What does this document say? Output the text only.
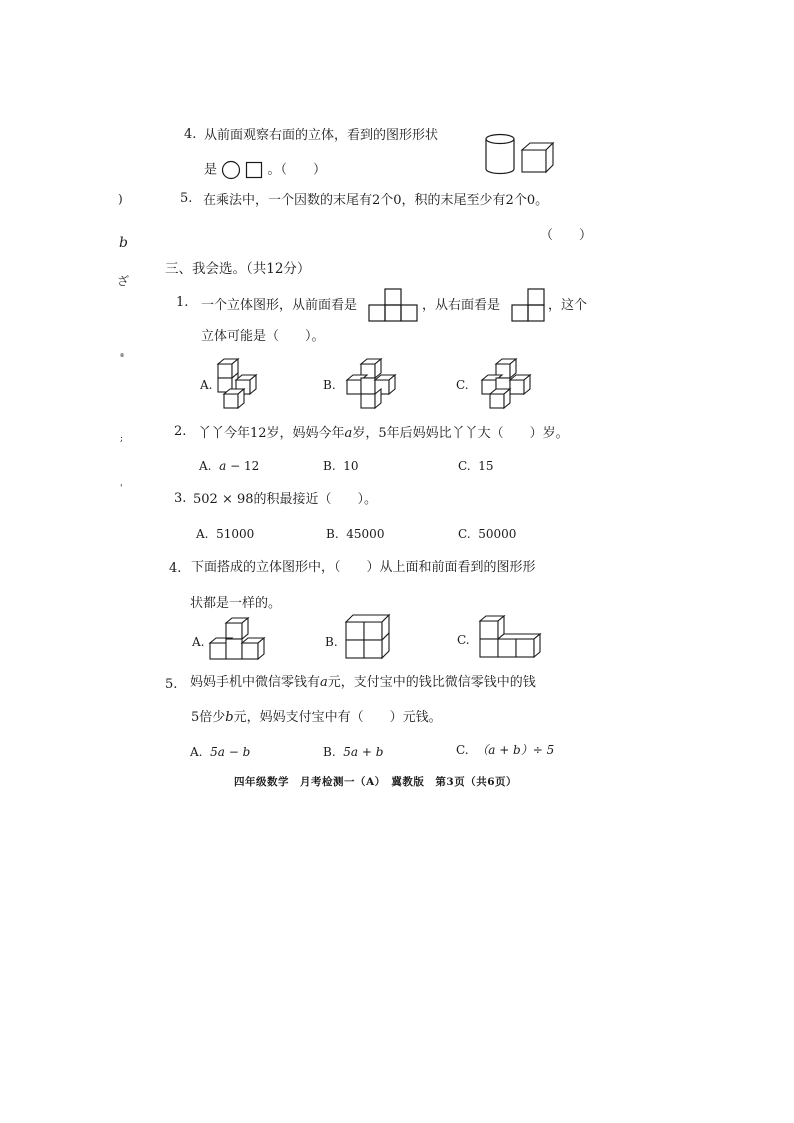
)
b
ざ
ª
;
'
4. 从前面观察右面的立体，看到的图形形状
是
	。（　　）
5. 在乘法中，一个因数的末尾有2个0，积的末尾至少有2个0。
（　　）
三、我会选。（共12分）
1. 一个立体图形，从前面看是	，从右面看是	，这个
立体可能是（　　）。
A.	B.	C.
2. 丫丫今年12岁，妈妈今年a岁，5年后妈妈比丫丫大（　　）岁。
A. a − 12	B. 10	C. 15
3. 502 × 98的积最接近（　　）。
A. 51000	B. 45000	C. 50000
4. 下面搭成的立体图形中，（　　）从上面和前面看到的图形形
状都是一样的。
A.	B.	C.
5. 妈妈手机中微信零钱有a元，支付宝中的钱比微信零钱中的钱
5倍少b元，妈妈支付宝中有（　　）元钱。
A. 5a − b	B. 5a + b	C. （a + b）÷ 5
四年级数学　月考检测一（A）　冀教版　第3页（共6页）
